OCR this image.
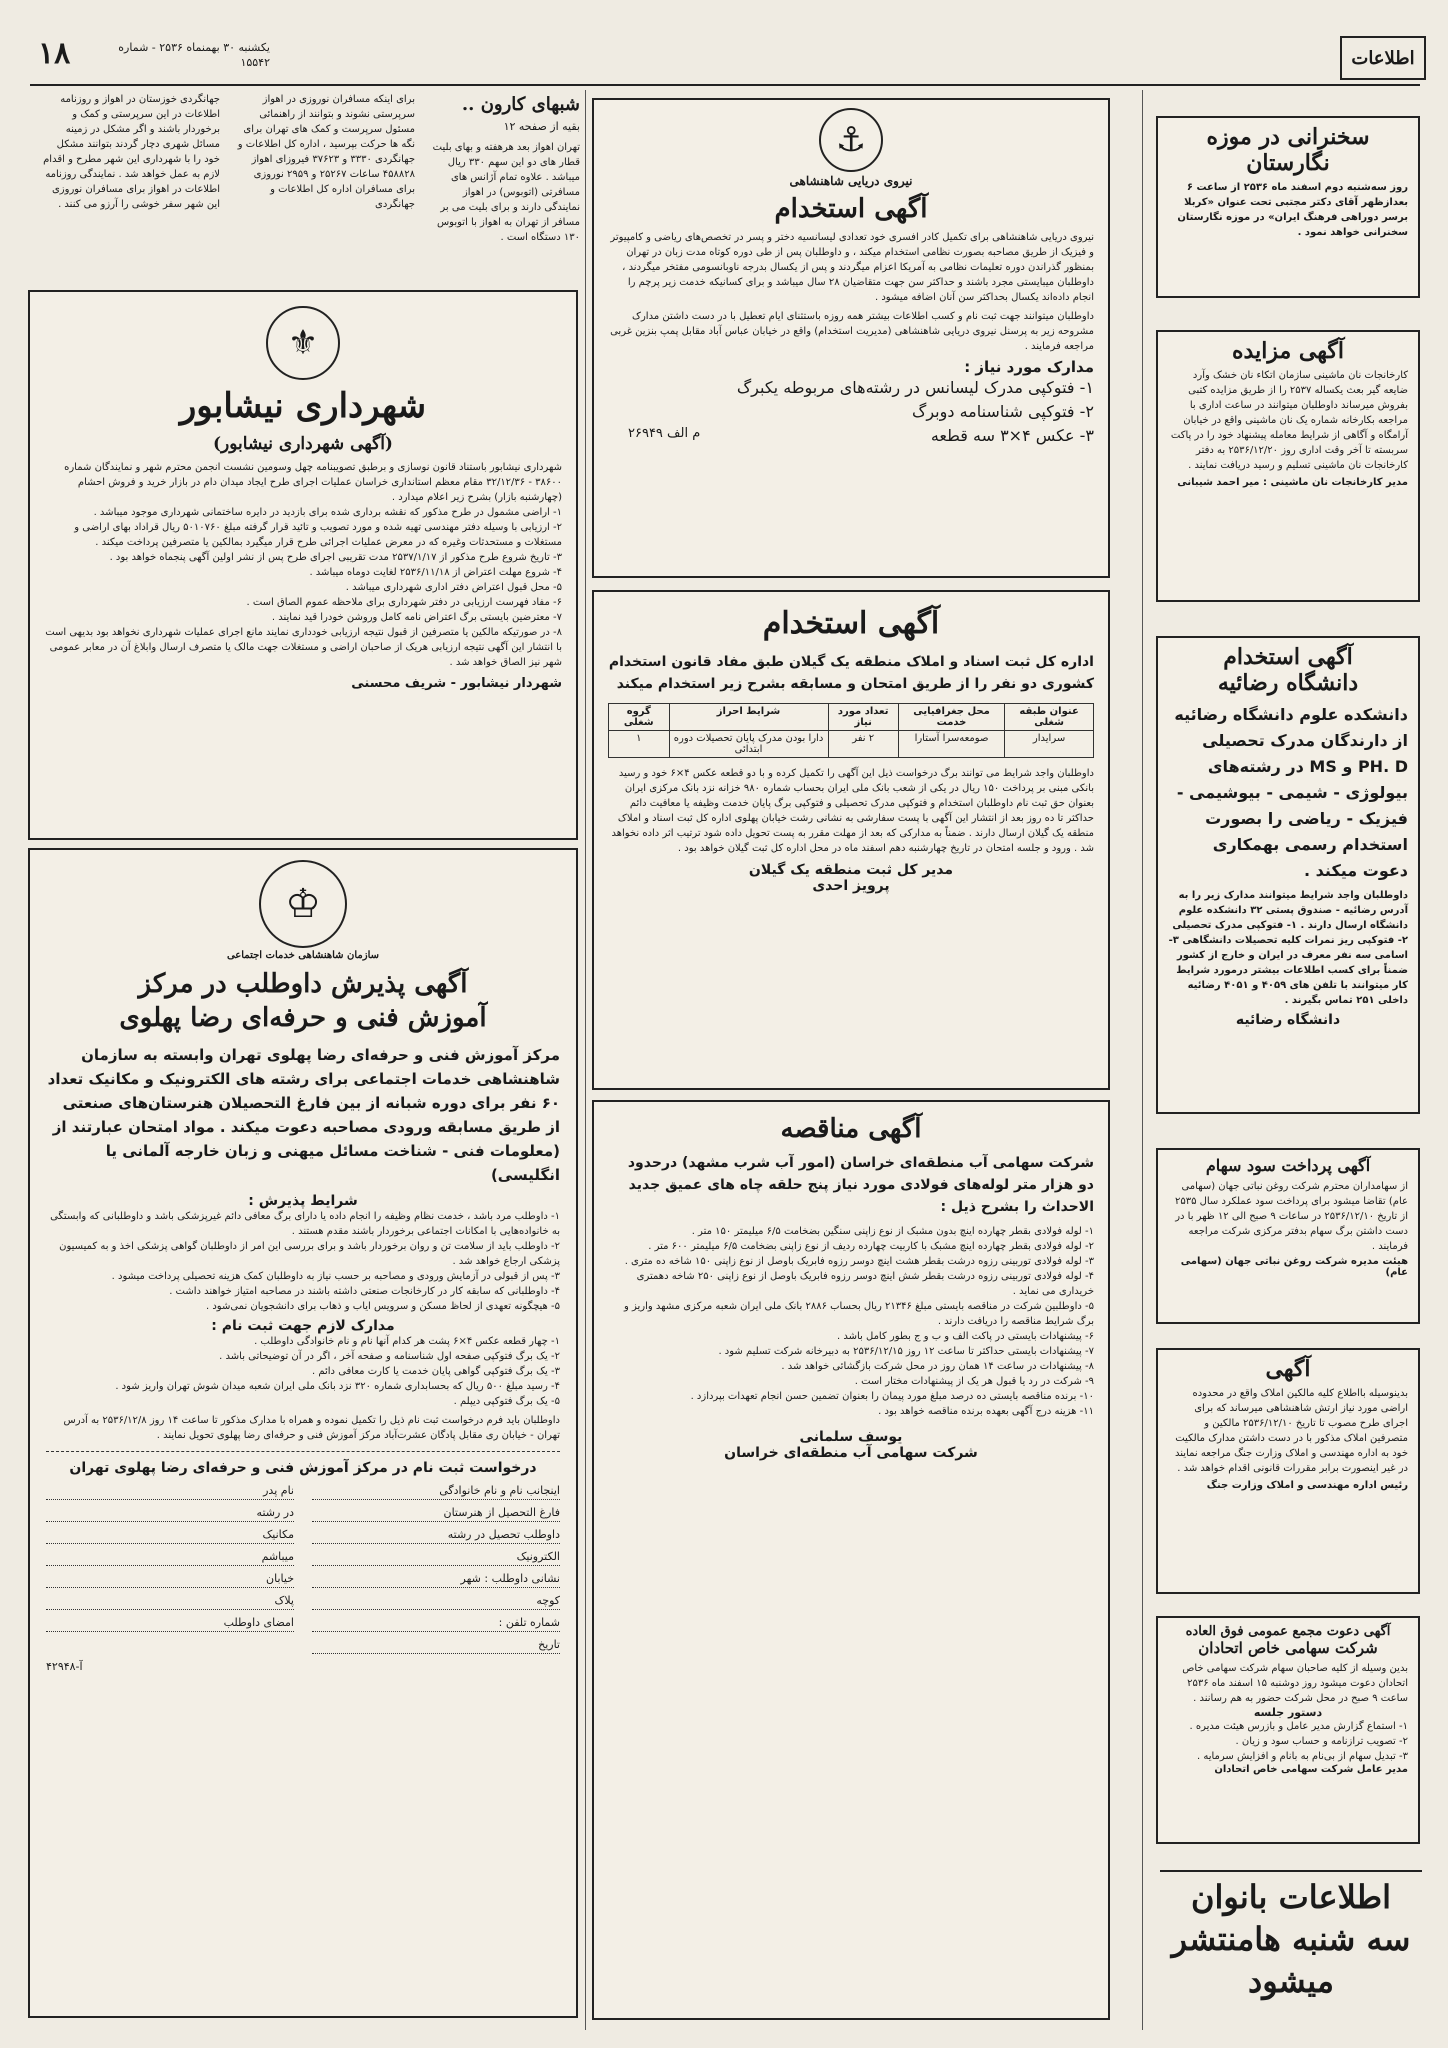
۱۸	یکشنبه ۳۰ بهمنماه ۲۵۳۶ - شماره ۱۵۵۴۲	اطلاعات
شبهای کارون ..
بقیه از صفحه ۱۲
تهران اهواز بعد هرهفته و بهای بلیت قطار های دو این سهم ۳۳۰ ریال میباشد . علاوه تمام آژانس های مسافرتی (اتوبوس) در اهواز نمایندگی دارند و برای بلیت می بر مسافر از تهران به اهواز با اتوبوس ۱۳۰ دستگاه است .
برای اینکه مسافران نوروزی در اهواز سرپرستی نشوند و بتوانند از راهنمائی مسئول سرپرست و کمک های تهران برای نگه ها حرکت بپرسید ، اداره کل اطلاعات و جهانگردی ۳۳۳۰ و ۳۷۶۲۳ فیروزای اهواز ۴۵۸۸۲۸ ساعات ۲۵۲۶۷ و ۲۹۵۹ نوروزی برای مسافران اداره کل اطلاعات و جهانگردی
جهانگردی خوزستان در اهواز و روزنامه اطلاعات در این سرپرستی و کمک و برخوردار باشند و اگر مشکل در زمینه مسائل شهری دچار گردند بتوانند مشکل خود را با شهرداری این شهر مطرح و اقدام لازم به عمل خواهد شد . نمایندگی روزنامه اطلاعات در اهواز برای مسافران نوروزی این شهر سفر خوشی را آرزو می کنند .
⚜
شهرداری نیشابور
(آگهی شهرداری نیشابور)
شهرداری نیشابور باستناد قانون نوسازی و برطبق تصویبنامه چهل وسومین نشست انجمن محترم شهر و نمایندگان شماره ۳۸۶۰۰ - ۳۲/۱۲/۳۶ مقام معظم استانداری خراسان عملیات اجرای طرح ایجاد میدان دام در بازار خرید و فروش احشام (چهارشنبه بازار) بشرح زیر اعلام میدارد .
۱- اراضی مشمول در طرح مذکور که نقشه برداری شده برای بازدید در دایره ساختمانی شهرداری موجود میباشد .
۲- ارزیابی با وسیله دفتر مهندسی تهیه شده و مورد تصویب و تائید قرار گرفته مبلغ ۵۰۱۰۷۶۰ ریال قراداد بهای اراضی و مستغلات و مستحدثات وغیره که در معرض عملیات اجرائی طرح قرار میگیرد بمالکین یا متصرفین پرداخت میکند .
۳- تاریخ شروع طرح مذکور از ۲۵۳۷/۱/۱۷ مدت تقریبی اجرای طرح پس از نشر اولین آگهی پنجماه خواهد بود .
۴- شروع مهلت اعتراض از ۲۵۳۶/۱۱/۱۸ لغایت دوماه میباشد .
۵- محل قبول اعتراض دفتر اداری شهرداری میباشد .
۶- مفاد فهرست ارزیابی در دفتر شهرداری برای ملاحظه عموم الصاق است .
۷- معترضین بایستی برگ اعتراض نامه کامل وروشن خودرا قید نمایند .
۸- در صورتیکه مالکین یا متصرفین از قبول نتیجه ارزیابی خودداری نمایند مانع اجرای عملیات شهرداری نخواهد بود بدیهی است با انتشار این آگهی نتیجه ارزیابی هریک از صاحبان اراضی و مستغلات جهت مالک یا متصرف ارسال وابلاغ آن در معابر عمومی شهر نیز الصاق خواهد شد .
شهردار نیشابور - شریف محسنی
♔
سازمان شاهنشاهی خدمات اجتماعی
آگهی پذیرش داوطلب در مرکز
آموزش فنی و حرفه‌ای رضا پهلوی
مرکز آموزش فنی و حرفه‌ای رضا پهلوی تهران وابسته به سازمان شاهنشاهی خدمات اجتماعی برای رشته های الکترونیک و مکانیک تعداد ۶۰ نفر برای دوره شبانه از بین فارغ التحصیلان هنرستان‌های صنعتی از طریق مسابقه ورودی مصاحبه دعوت میکند . مواد امتحان عبارتند از (معلومات فنی - شناخت مسائل میهنی و زبان خارجه آلمانی یا انگلیسی)
شرایط پذیرش :
۱- داوطلب مرد باشد ، خدمت نظام وظیفه را انجام داده یا دارای برگ معافی دائم غیرپزشکی باشد و داوطلبانی که وابستگی به خانواده‌هایی با امکانات اجتماعی برخوردار باشند مقدم هستند .
۲- داوطلب باید از سلامت تن و روان برخوردار باشد و برای بررسی این امر از داوطلبان گواهی پزشکی اخذ و به کمیسیون پزشکی ارجاع خواهد شد .
۳- پس از قبولی در آزمایش ورودی و مصاحبه بر حسب نیاز به داوطلبان کمک هزینه تحصیلی پرداخت میشود .
۴- داوطلبانی که سابقه کار در کارخانجات صنعتی داشته باشند در مصاحبه امتیاز خواهند داشت .
۵- هیچگونه تعهدی از لحاظ مسکن و سرویس ایاب و ذهاب برای دانشجویان نمی‌شود .
مدارک لازم جهت ثبت نام :
۱- چهار قطعه عکس ۴×۶ پشت هر کدام آنها نام و نام خانوادگی داوطلب .
۲- یک برگ فتوکپی صفحه اول شناسنامه و صفحه آخر ، اگر در آن توضیحاتی باشد .
۳- یک برگ فتوکپی گواهی پایان خدمت یا کارت معافی دائم .
۴- رسید مبلغ ۵۰۰ ریال که بحسابداری شماره ۳۲۰ نزد بانک ملی ایران شعبه میدان شوش تهران واریز شود .
۵- یک برگ فتوکپی دیپلم .
داوطلبان باید فرم درخواست ثبت نام ذیل را تکمیل نموده و همراه با مدارک مذکور تا ساعت ۱۴ روز ۲۵۳۶/۱۲/۸ به آدرس تهران - خیابان ری مقابل پادگان عشرت‌آباد مرکز آموزش فنی و حرفه‌ای رضا پهلوی تحویل نمایند .
درخواست ثبت نام در مرکز آموزش فنی و حرفه‌ای رضا پهلوی تهران
اینجانب نام و نام خانوادگی
نام پدر
فارغ التحصیل از هنرستان
در رشته
داوطلب تحصیل در رشته
مکانیک
الکترونیک
میباشم
نشانی داوطلب : شهر
خیابان
کوچه
پلاک
شماره تلفن :
امضای داوطلب
تاریخ
آ-۴۲۹۴۸
⚓
نیروی دریایی شاهنشاهی
آگهی استخدام
نیروی دریایی شاهنشاهی برای تکمیل کادر افسری خود تعدادی لیسانسیه دختر و پسر در تخصص‌های ریاضی و کامپیوتر و فیزیک از طریق مصاحبه بصورت نظامی استخدام میکند ، و داوطلبان پس از طی دوره کوتاه مدت زبان در تهران بمنظور گذراندن دوره تعلیمات نظامی به آمریکا اعزام میگردند و پس از یکسال بدرجه ناوبانسومی مفتخر میگردند ، داوطلبان میبایستی مجرد باشند و حداکثر سن جهت متقاضیان ۲۸ سال میباشد و برای کسانیکه خدمت زیر پرچم را انجام داده‌اند یکسال بحداکثر سن آنان اضافه میشود .
داوطلبان میتوانند جهت ثبت نام و کسب اطلاعات بیشتر همه روزه باستثنای ایام تعطیل با در دست داشتن مدارک مشروحه زیر به پرسنل نیروی دریایی شاهنشاهی (مدیریت استخدام) واقع در خیابان عباس آباد مقابل پمپ بنزین غربی مراجعه فرمایند .
مدارک مورد نیاز :
۱- فتوکپی مدرک لیسانس در رشته‌های مربوطه یکبرگ
۲- فتوکپی شناسنامه دوبرگ
۳- عکس ۴×۳ سه قطعه
م الف ۲۶۹۴۹
آگهی استخدام
اداره کل ثبت اسناد و املاک منطقه یک گیلان طبق مفاد قانون استخدام کشوری دو نفر را از طریق امتحان و مسابقه بشرح زیر استخدام میکند
عنوان طبقه شغلی	محل جغرافیایی خدمت	تعداد مورد نیاز	شرایط احراز	گروه شغلی
سرایدار	صومعه‌سرا آستارا	۲ نفر	دارا بودن مدرک پایان تحصیلات دوره ابتدائی	۱
داوطلبان واجد شرایط می توانند برگ درخواست ذیل این آگهی را تکمیل کرده و با دو قطعه عکس ۴×۶ خود و رسید بانکی مبنی بر پرداخت ۱۵۰ ریال در یکی از شعب بانک ملی ایران بحساب شماره ۹۸۰ خزانه نزد بانک مرکزی ایران بعنوان حق ثبت نام داوطلبان استخدام و فتوکپی مدرک تحصیلی و فتوکپی برگ پایان خدمت وظیفه یا معافیت دائم حداکثر تا ده روز بعد از انتشار این آگهی با پست سفارشی به نشانی رشت خیابان پهلوی اداره کل ثبت اسناد و املاک منطقه یک گیلان ارسال دارند . ضمناً به مدارکی که بعد از مهلت مقرر به پست تحویل داده شود ترتیب اثر داده نخواهد شد . ورود و جلسه امتحان در تاریخ چهارشنبه دهم اسفند ماه در محل اداره کل ثبت گیلان خواهد بود .
مدیر کل ثبت منطقه یک گیلان
پرویز احدی
آگهی مناقصه
شرکت سهامی آب منطقه‌ای خراسان (امور آب شرب مشهد) درحدود دو هزار متر لوله‌های فولادی مورد نیاز پنج حلقه چاه های عمیق جدید الاحداث را بشرح ذیل :
۱- لوله فولادی بقطر چهارده اینچ بدون مشبک از نوع زاپنی سنگین بضخامت ۶/۵ میلیمتر ۱۵۰ متر .
۲- لوله فولادی بقطر چهارده اینچ مشبک با کاربیت چهارده ردیف از نوع زاپنی بضخامت ۶/۵ میلیمتر ۶۰۰ متر .
۳- لوله فولادی توربینی رزوه درشت بقطر هشت اینچ دوسر رزوه فابریک باوصل از نوع زاپنی ۱۵۰ شاخه ده متری .
۴- لوله فولادی توربینی رزوه درشت بقطر شش اینچ دوسر رزوه فابریک باوصل از نوع زاپنی ۲۵۰ شاخه دهمتری خریداری می نماید .
۵- داوطلبین شرکت در مناقصه بایستی مبلغ ۲۱۳۴۶ ریال بحساب ۲۸۸۶ بانک ملی ایران شعبه مرکزی مشهد واریز و برگ شرایط مناقصه را دریافت دارند .
۶- پیشنهادات بایستی در پاکت الف و ب و ج بطور کامل باشد .
۷- پیشنهادات بایستی حداکثر تا ساعت ۱۲ روز ۲۵۳۶/۱۲/۱۵ به دبیرخانه شرکت تسلیم شود .
۸- پیشنهادات در ساعت ۱۴ همان روز در محل شرکت بازگشائی خواهد شد .
۹- شرکت در رد یا قبول هر یک از پیشنهادات مختار است .
۱۰- برنده مناقصه بایستی ده درصد مبلغ مورد پیمان را بعنوان تضمین حسن انجام تعهدات بپردازد .
۱۱- هزینه درج آگهی بعهده برنده مناقصه خواهد بود .
یوسف سلمانی
شرکت سهامی آب منطقه‌ای خراسان
سخنرانی در موزه
نگارستان
روز سه‌شنبه دوم اسفند ماه ۲۵۳۶ از ساعت ۶ بعدازظهر آقای دکتر مجتبی تحت عنوان «کربلا برسر دوراهی فرهنگ ایران» در موزه نگارستان سخنرانی خواهد نمود .
آگهی مزایده
کارخانجات نان ماشینی سازمان اتکاء نان خشک وآرد ضایعه گیر بعث یکساله ۲۵۳۷ را از طریق مزایده کتبی بفروش میرساند داوطلبان میتوانند در ساعت اداری با مراجعه بکارخانه شماره یک نان ماشینی واقع در خیابان آرامگاه و آگاهی از شرایط معامله پیشنهاد خود را در پاکت سربسته تا آخر وقت اداری روز ۲۵۳۶/۱۲/۲۰ به دفتر کارخانجات نان ماشینی تسلیم و رسید دریافت نمایند .
مدیر کارخانجات نان ماشینی : میر احمد شیبانی
آگهی استخدام
دانشگاه رضائیه
دانشکده علوم دانشگاه رضائیه از دارندگان مدرک تحصیلی PH. D و MS در رشته‌های بیولوژی - شیمی - بیوشیمی - فیزیک - ریاضی را بصورت استخدام رسمی بهمکاری دعوت میکند .
داوطلبان واجد شرایط میتوانند مدارک زیر را به آدرس رضائیه - صندوق پستی ۳۲ دانشکده علوم دانشگاه ارسال دارند . ۱- فتوکپی مدرک تحصیلی ۲- فتوکپی ریز نمرات کلیه تحصیلات دانشگاهی ۳- اسامی سه نفر معرف در ایران و خارج از کشور ضمناً برای کسب اطلاعات بیشتر درمورد شرایط کار میتوانند با تلفن های ۴۰۵۹ و ۴۰۵۱ رضائیه داخلی ۲۵۱ تماس بگیرند .
دانشگاه رضائیه
آگهی پرداخت سود سهام
از سهامداران محترم شرکت روغن نباتی جهان (سهامی عام) تقاضا میشود برای پرداخت سود عملکرد سال ۲۵۳۵ از تاریخ ۲۵۳۶/۱۲/۱۰ در ساعات ۹ صبح الی ۱۲ ظهر با در دست داشتن برگ سهام بدفتر مرکزی شرکت مراجعه فرمایند .
هیئت مدیره شرکت روغن نباتی جهان (سهامی عام)
آگهی
بدینوسیله بااطلاع کلیه مالکین املاک واقع در محدوده اراضی مورد نیاز ارتش شاهنشاهی میرساند که برای اجرای طرح مصوب تا تاریخ ۲۵۳۶/۱۲/۱۰ مالکین و متصرفین املاک مذکور با در دست داشتن مدارک مالکیت خود به اداره مهندسی و املاک وزارت جنگ مراجعه نمایند در غیر اینصورت برابر مقررات قانونی اقدام خواهد شد .
رئیس اداره مهندسی و املاک وزارت جنگ
آگهی دعوت مجمع عمومی فوق العاده
شرکت سهامی خاص اتحادان
بدین وسیله از کلیه صاحبان سهام شرکت سهامی خاص اتحادان دعوت میشود روز دوشنبه ۱۵ اسفند ماه ۲۵۳۶ ساعت ۹ صبح در محل شرکت حضور به هم رسانند .
دستور جلسه
۱- استماع گزارش مدیر عامل و بازرس هیئت مدیره .
۲- تصویب ترازنامه و حساب سود و زیان .
۳- تبدیل سهام از بی‌نام به بانام و افزایش سرمایه .
مدیر عامل شرکت سهامی خاص اتحادان
اطلاعات بانوان
سه شنبه هامنتشر
میشود
